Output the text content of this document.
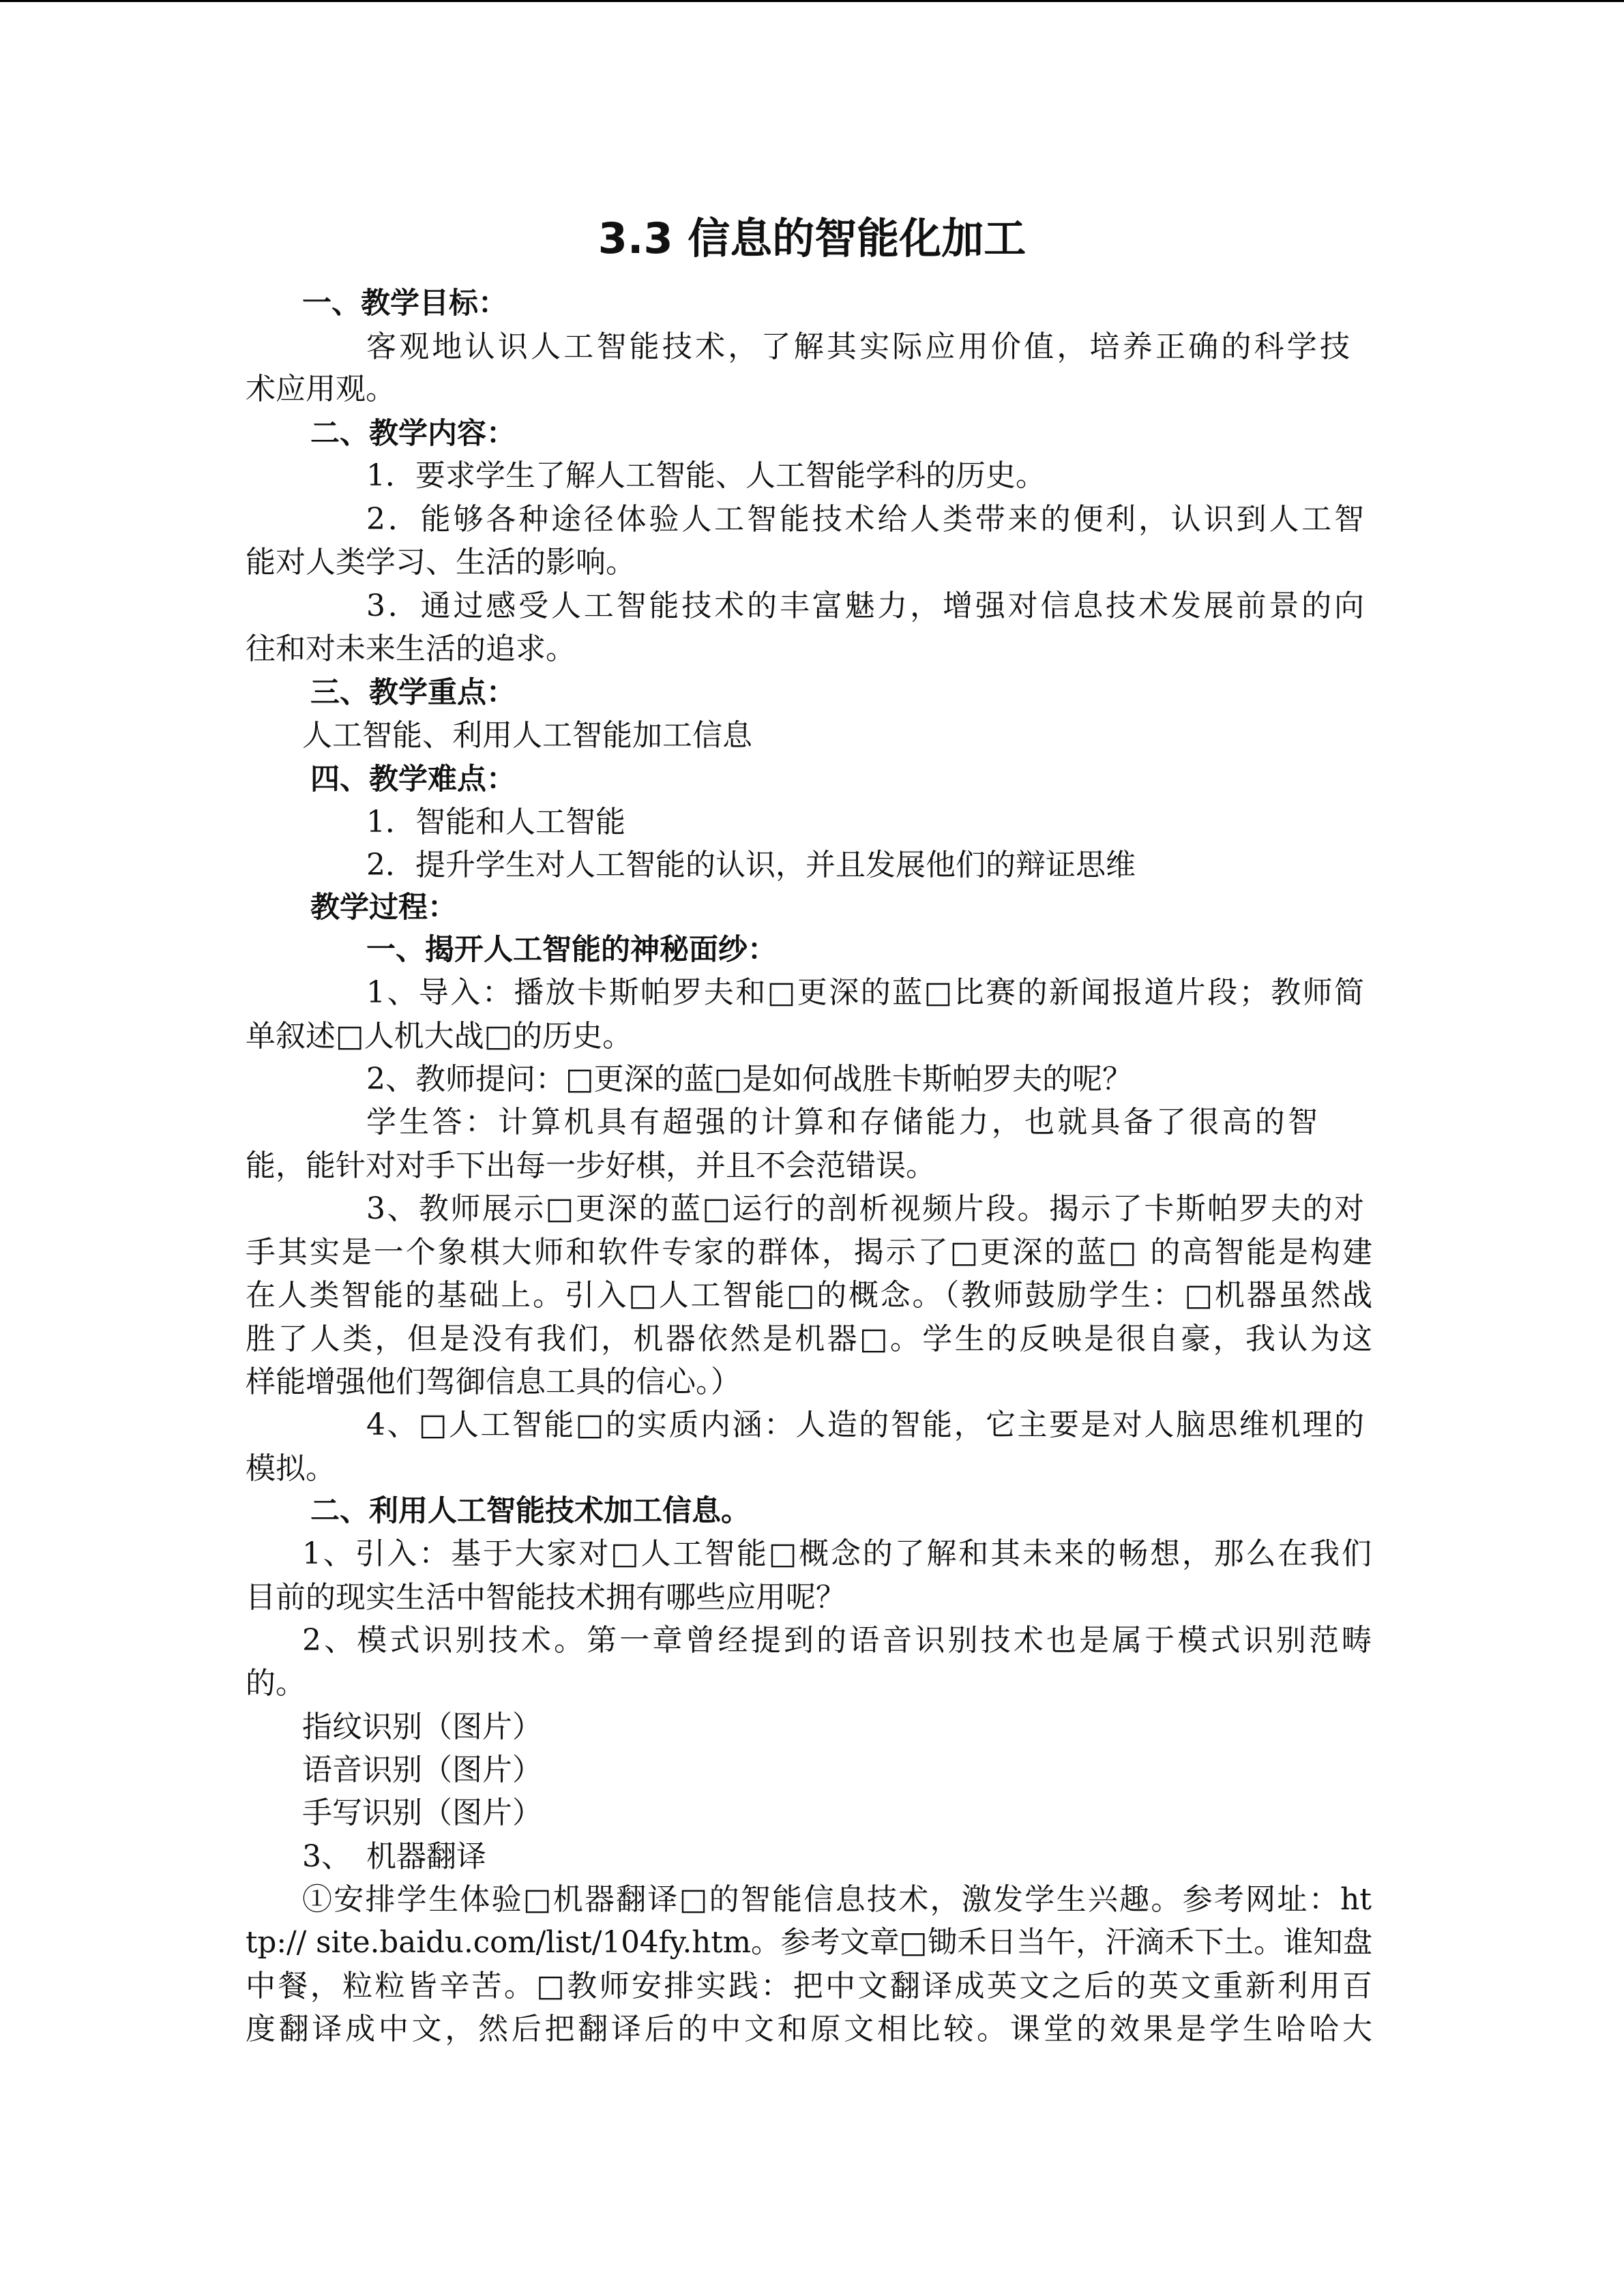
3.3 信息的智能化加工
一、教学目标：
客观地认识人工智能技术，了解其实际应用价值，培养正确的科学技
术应用观。
二、教学内容：
1．要求学生了解人工智能、人工智能学科的历史。
2．能够各种途径体验人工智能技术给人类带来的便利，认识到人工智
能对人类学习、生活的影响。
3．通过感受人工智能技术的丰富魅力，增强对信息技术发展前景的向
往和对未来生活的追求。
三、教学重点：
人工智能、利用人工智能加工信息
四、教学难点：
1．智能和人工智能
2．提升学生对人工智能的认识，并且发展他们的辩证思维
教学过程：
一、揭开人工智能的神秘面纱：
1、导入：播放卡斯帕罗夫和□更深的蓝□比赛的新闻报道片段；教师简
单叙述□人机大战□的历史。
2、教师提问：□更深的蓝□是如何战胜卡斯帕罗夫的呢？
学生答：计算机具有超强的计算和存储能力，也就具备了很高的智
能，能针对对手下出每一步好棋，并且不会范错误。
3、教师展示□更深的蓝□运行的剖析视频片段。揭示了卡斯帕罗夫的对
手其实是一个象棋大师和软件专家的群体，揭示了□更深的蓝□ 的高智能是构建
在人类智能的基础上。引入□人工智能□的概念。（教师鼓励学生：□机器虽然战
胜了人类，但是没有我们，机器依然是机器□。学生的反映是很自豪，我认为这
样能增强他们驾御信息工具的信心。）
4、□人工智能□的实质内涵：人造的智能，它主要是对人脑思维机理的
模拟。
二、利用人工智能技术加工信息。
1、引入：基于大家对□人工智能□概念的了解和其未来的畅想，那么在我们
目前的现实生活中智能技术拥有哪些应用呢？
2、模式识别技术。第一章曾经提到的语音识别技术也是属于模式识别范畴
的。
指纹识别（图片）
语音识别（图片）
手写识别（图片）
3、　机器翻译
①安排学生体验□机器翻译□的智能信息技术，激发学生兴趣。参考网址：ht
tp:// site.baidu.com/list/104fy.htm。参考文章□锄禾日当午，汗滴禾下土。谁知盘
中餐，粒粒皆辛苦。□教师安排实践：把中文翻译成英文之后的英文重新利用百
度翻译成中文，然后把翻译后的中文和原文相比较。课堂的效果是学生哈哈大
